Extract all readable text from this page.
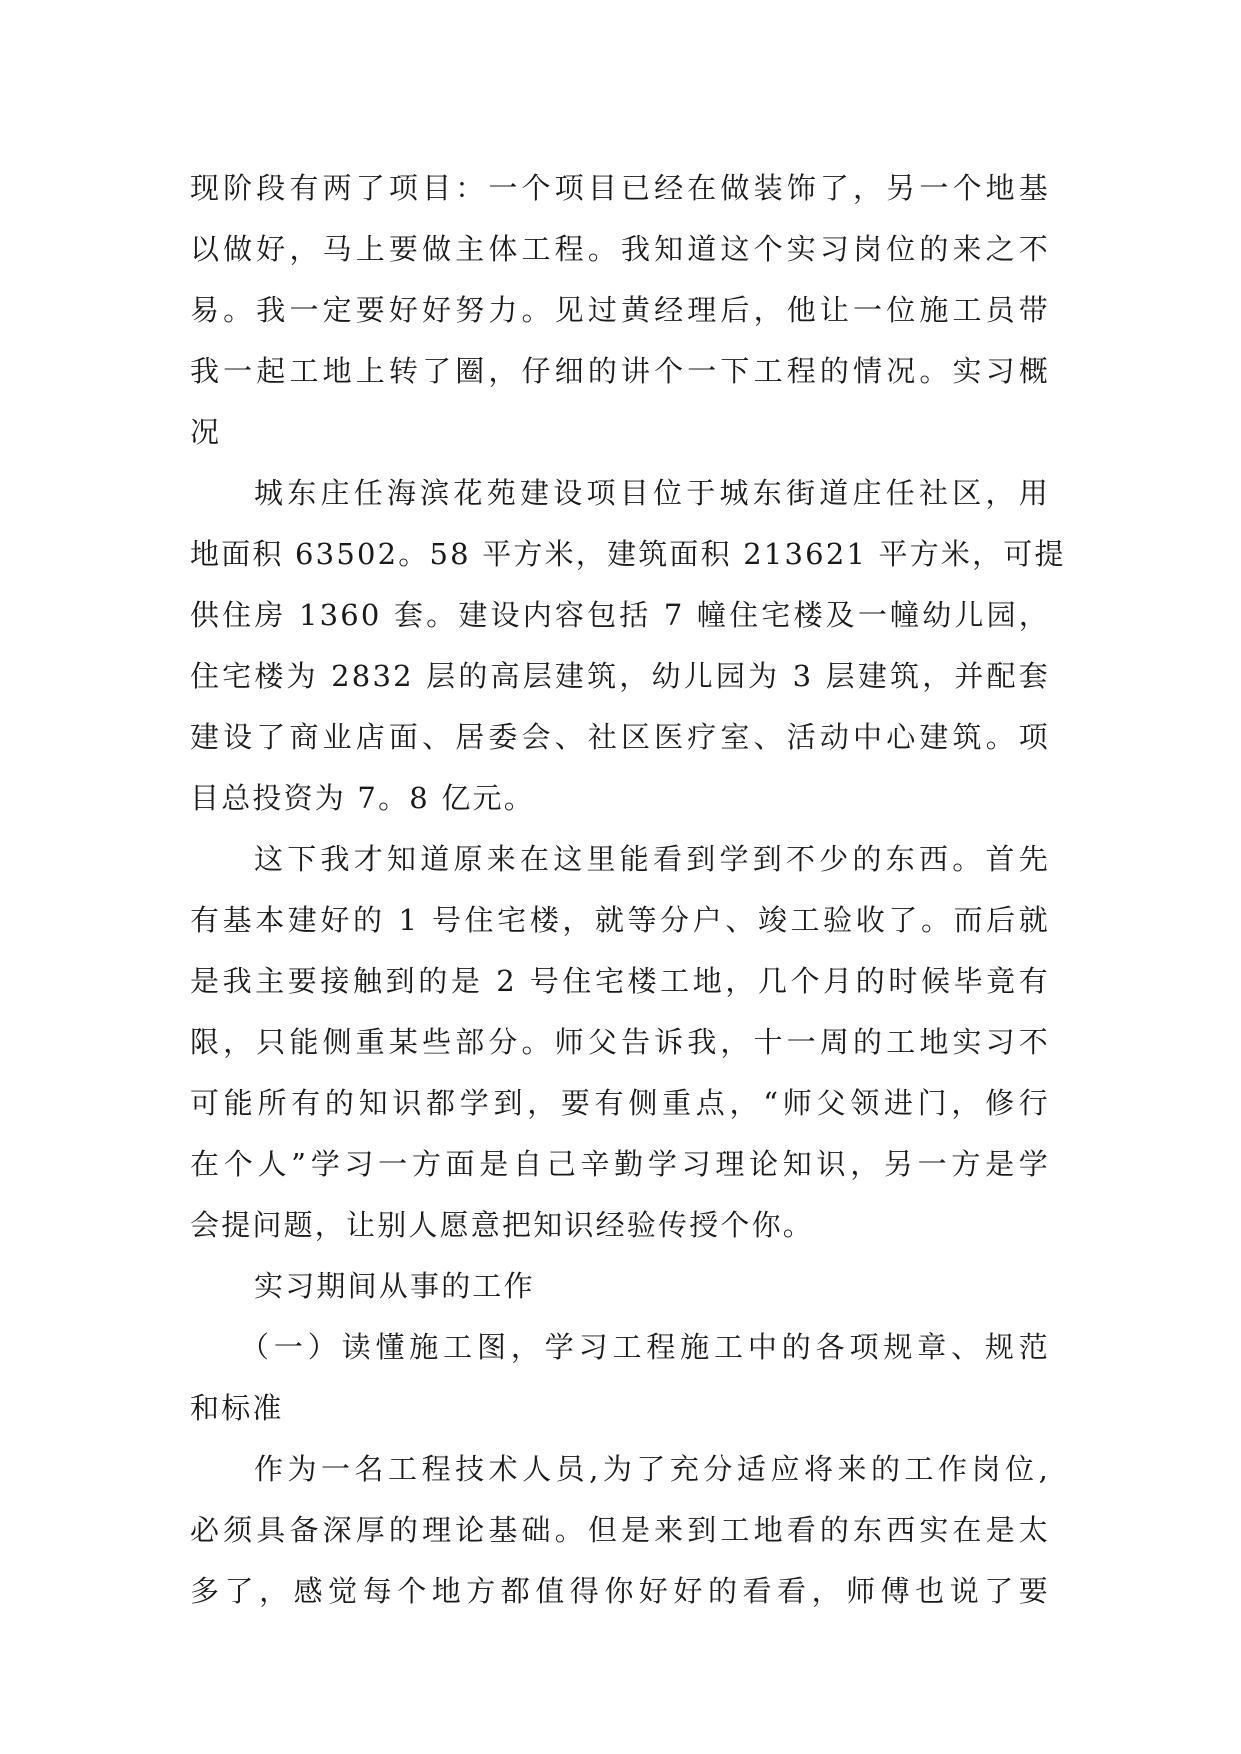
现阶段有两了项目：一个项目已经在做装饰了，另一个地基
以做好，马上要做主体工程。我知道这个实习岗位的来之不
易。我一定要好好努力。见过黄经理后，他让一位施工员带
我一起工地上转了圈，仔细的讲个一下工程的情况。实习概
况
城东庄任海滨花苑建设项目位于城东街道庄任社区，用
地面积 63502。58 平方米，建筑面积 213621 平方米，可提
供住房 1360 套。建设内容包括 7 幢住宅楼及一幢幼儿园，
住宅楼为 2832 层的高层建筑，幼儿园为 3 层建筑，并配套
建设了商业店面、居委会、社区医疗室、活动中心建筑。项
目总投资为 7。8 亿元。
这下我才知道原来在这里能看到学到不少的东西。首先
有基本建好的 1 号住宅楼，就等分户、竣工验收了。而后就
是我主要接触到的是 2 号住宅楼工地，几个月的时候毕竟有
限，只能侧重某些部分。师父告诉我，十一周的工地实习不
可能所有的知识都学到，要有侧重点，“师父领进门，修行
在个人”学习一方面是自己辛勤学习理论知识，另一方是学
会提问题，让别人愿意把知识经验传授个你。
实习期间从事的工作
（一）读懂施工图，学习工程施工中的各项规章、规范
和标准
作为一名工程技术人员,为了充分适应将来的工作岗位,
必须具备深厚的理论基础。但是来到工地看的东西实在是太
多了，感觉每个地方都值得你好好的看看，师傅也说了要
